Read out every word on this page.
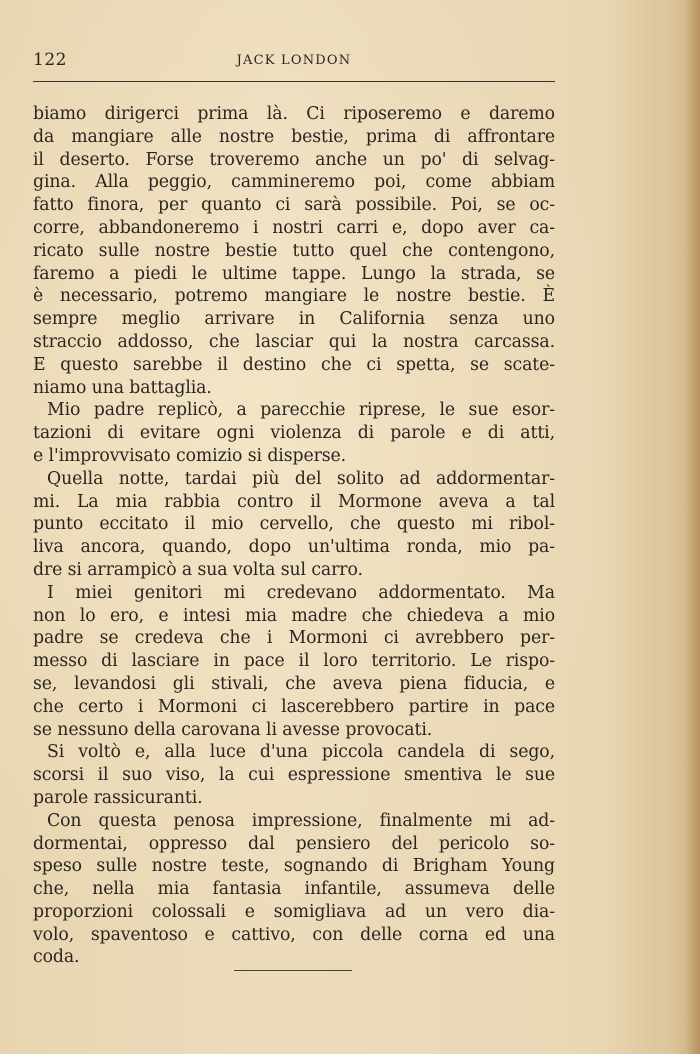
122	JACK LONDON
biamo dirigerci prima là. Ci riposeremo e daremo
da mangiare alle nostre bestie, prima di affrontare
il deserto. Forse troveremo anche un po' di selvag-
gina. Alla peggio, cammineremo poi, come abbiam
fatto finora, per quanto ci sarà possibile. Poi, se oc-
corre, abbandoneremo i nostri carri e, dopo aver ca-
ricato sulle nostre bestie tutto quel che contengono,
faremo a piedi le ultime tappe. Lungo la strada, se
è necessario, potremo mangiare le nostre bestie. È
sempre meglio arrivare in California senza uno
straccio addosso, che lasciar qui la nostra carcassa.
E questo sarebbe il destino che ci spetta, se scate-
niamo una battaglia.
Mio padre replicò, a parecchie riprese, le sue esor-
tazioni di evitare ogni violenza di parole e di atti,
e l'improvvisato comizio si disperse.
Quella notte, tardai più del solito ad addormentar-
mi. La mia rabbia contro il Mormone aveva a tal
punto eccitato il mio cervello, che questo mi ribol-
liva ancora, quando, dopo un'ultima ronda, mio pa-
dre si arrampicò a sua volta sul carro.
I miei genitori mi credevano addormentato. Ma
non lo ero, e intesi mia madre che chiedeva a mio
padre se credeva che i Mormoni ci avrebbero per-
messo di lasciare in pace il loro territorio. Le rispo-
se, levandosi gli stivali, che aveva piena fiducia, e
che certo i Mormoni ci lascerebbero partire in pace
se nessuno della carovana li avesse provocati.
Si voltò e, alla luce d'una piccola candela di sego,
scorsi il suo viso, la cui espressione smentiva le sue
parole rassicuranti.
Con questa penosa impressione, finalmente mi ad-
dormentai, oppresso dal pensiero del pericolo so-
speso sulle nostre teste, sognando di Brigham Young
che, nella mia fantasia infantile, assumeva delle
proporzioni colossali e somigliava ad un vero dia-
volo, spaventoso e cattivo, con delle corna ed una
coda.
